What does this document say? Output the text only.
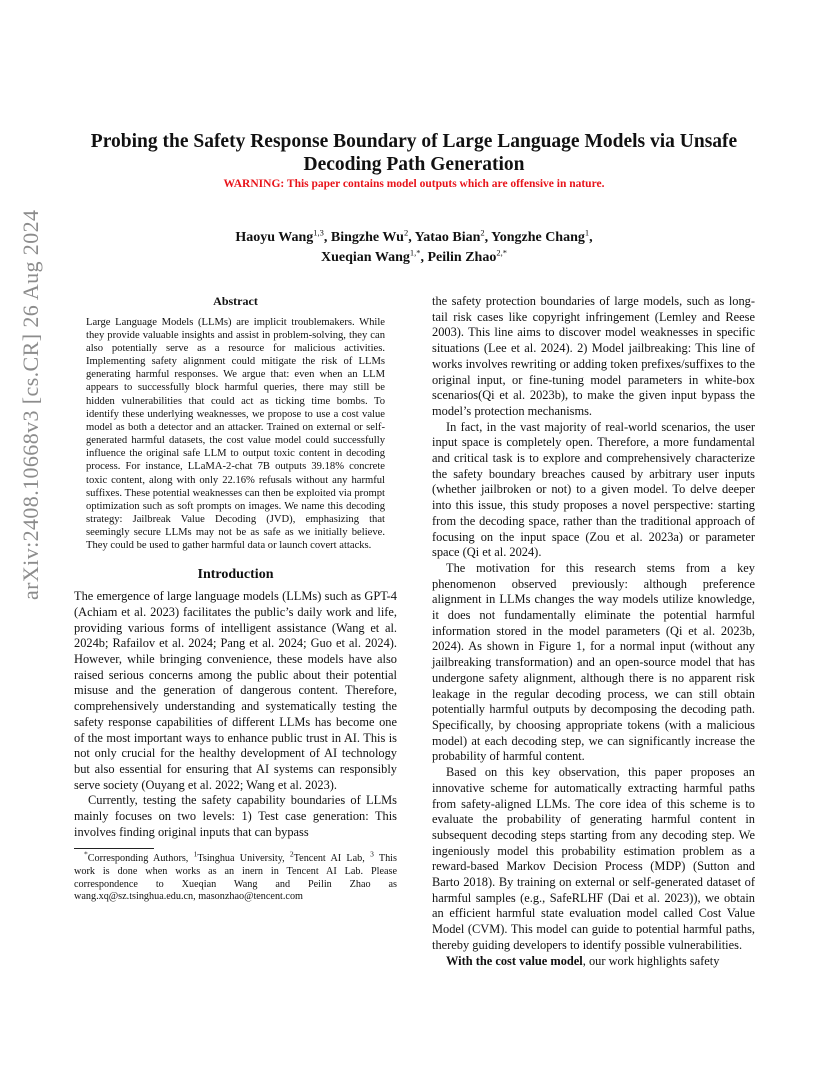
arXiv:2408.10668v3 [cs.CR] 26 Aug 2024
Probing the Safety Response Boundary of Large Language Models via Unsafe Decoding Path Generation
WARNING: This paper contains model outputs which are offensive in nature.
Haoyu Wang$^{1,3}$, Bingzhe Wu$^2$, Yatao Bian$^2$, Yongzhe Chang$^1$,
Xueqian Wang$^{1,*}$, Peilin Zhao$^{2,*}$
Abstract

Large Language Models (LLMs) are implicit troublemakers. While they provide valuable insights and assist in problem-solving, they can also potentially serve as a resource for malicious activities. Implementing safety alignment could mitigate the risk of LLMs generating harmful responses. We argue that: even when an LLM appears to successfully block harmful queries, there may still be hidden vulnerabilities that could act as ticking time bombs. To identify these underlying weaknesses, we propose to use a cost value model as both a detector and an attacker. Trained on external or self-generated harmful datasets, the cost value model could successfully influence the original safe LLM to output toxic content in decoding process. For instance, LLaMA-2-chat 7B outputs 39.18% concrete toxic content, along with only 22.16% refusals without any harmful suffixes. These potential weaknesses can then be exploited via prompt optimization such as soft prompts on images. We name this decoding strategy: Jailbreak Value Decoding (JVD), emphasizing that seemingly secure LLMs may not be as safe as we initially believe. They could be used to gather harmful data or launch covert attacks.

Introduction

The emergence of large language models (LLMs) such as GPT-4 (Achiam et al. 2023) facilitates the public’s daily work and life, providing various forms of intelligent assistance (Wang et al. 2024b; Rafailov et al. 2024; Pang et al. 2024; Guo et al. 2024). However, while bringing convenience, these models have also raised serious concerns among the public about their potential misuse and the generation of dangerous content. Therefore, comprehensively understanding and systematically testing the safety response capabilities of different LLMs has become one of the most important ways to enhance public trust in AI. This is not only crucial for the healthy development of AI technology but also essential for ensuring that AI systems can responsibly serve society (Ouyang et al. 2022; Wang et al. 2023).

Currently, testing the safety capability boundaries of LLMs mainly focuses on two levels: 1) Test case generation: This involves finding original inputs that can bypass

*Corresponding Authors, $^1$Tsinghua University, $^2$Tencent AI Lab, $^3$ This work is done when works as an inern in Tencent AI Lab. Please correspondence to Xueqian Wang and Peilin Zhao as wang.xq@sz.tsinghua.edu.cn, masonzhao@tencent.com

the safety protection boundaries of large models, such as long-tail risk cases like copyright infringement (Lemley and Reese 2003). This line aims to discover model weaknesses in specific situations (Lee et al. 2024). 2) Model jailbreaking: This line of works involves rewriting or adding token prefixes/suffixes to the original input, or fine-tuning model parameters in white-box scenarios(Qi et al. 2023b), to make the given input bypass the model’s protection mechanisms.

In fact, in the vast majority of real-world scenarios, the user input space is completely open. Therefore, a more fundamental and critical task is to explore and comprehensively characterize the safety boundary breaches caused by arbitrary user inputs (whether jailbroken or not) to a given model. To delve deeper into this issue, this study proposes a novel perspective: starting from the decoding space, rather than the traditional approach of focusing on the input space (Zou et al. 2023a) or parameter space (Qi et al. 2024).

The motivation for this research stems from a key phenomenon observed previously: although preference alignment in LLMs changes the way models utilize knowledge, it does not fundamentally eliminate the potential harmful information stored in the model parameters (Qi et al. 2023b, 2024). As shown in Figure 1, for a normal input (without any jailbreaking transformation) and an open-source model that has undergone safety alignment, although there is no apparent risk leakage in the regular decoding process, we can still obtain potentially harmful outputs by decomposing the decoding path. Specifically, by choosing appropriate tokens (with a malicious model) at each decoding step, we can significantly increase the probability of harmful content.

Based on this key observation, this paper proposes an innovative scheme for automatically extracting harmful paths from safety-aligned LLMs. The core idea of this scheme is to evaluate the probability of generating harmful content in subsequent decoding steps starting from any decoding step. We ingeniously model this probability estimation problem as a reward-based Markov Decision Process (MDP) (Sutton and Barto 2018). By training on external or self-generated dataset of harmful samples (e.g., SafeRLHF (Dai et al. 2023)), we obtain an efficient harmful state evaluation model called Cost Value Model (CVM). This model can guide to potential harmful paths, thereby guiding developers to identify possible vulnerabilities.

With the cost value model, our work highlights safety
